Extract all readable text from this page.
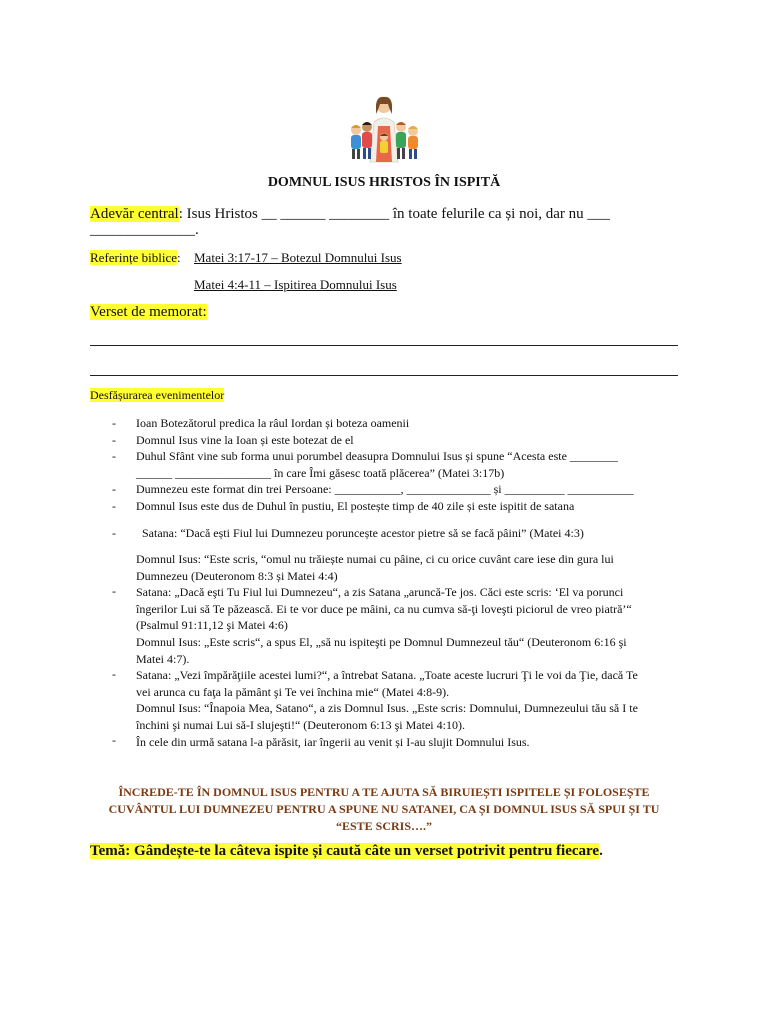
DOMNUL ISUS HRISTOS ÎN ISPITĂ
Adevăr central: Isus Hristos __ ______ ________ în toate felurile ca și noi, dar nu ___
______________.
Referințe biblice: Matei 3:17-17 – Botezul Domnului Isus
Matei 4:4-11 – Ispitirea Domnului Isus
Verset de memorat:
Desfășurarea evenimentelor
- Ioan Botezătorul predica la râul Iordan și boteza oamenii
- Domnul Isus vine la Ioan și este botezat de el
- Duhul Sfânt vine sub forma unui porumbel deasupra Domnului Isus și spune “Acesta este ________
______ ________________ în care Îmi găsesc toată plăcerea” (Matei 3:17b)
- Dumnezeu este format din trei Persoane: ___________, ______________ și __________ ___________
- Domnul Isus este dus de Duhul în pustiu, El postește timp de 40 zile și este ispitit de satana
- Satana: “Dacă ești Fiul lui Dumnezeu poruncește acestor pietre să se facă pâini” (Matei 4:3)
Domnul Isus: “Este scris, “omul nu trăiește numai cu pâine, ci cu orice cuvânt care iese din gura lui
Dumnezeu (Deuteronom 8:3 și Matei 4:4)
Satana: „Dacă eşti Tu Fiul lui Dumnezeu“, a zis Satana „aruncă-Te jos. Căci este scris: ‘El va porunci
îngerilor Lui să Te păzească. Ei te vor duce pe mâini, ca nu cumva să-ţi loveşti piciorul de vreo piatră’“
(Psalmul 91:11,12 şi Matei 4:6)
Domnul Isus: „Este scris“, a spus El, „să nu ispiteşti pe Domnul Dumnezeul tău“ (Deuteronom 6:16 şi
Matei 4:7).
Satana: „Vezi împărăţiile acestei lumi?“, a întrebat Satana. „Toate aceste lucruri Ţi le voi da Ţie, dacă Te
vei arunca cu faţa la pământ şi Te vei închina mie“ (Matei 4:8-9).
Domnul Isus: “Înapoia Mea, Satano“, a zis Domnul Isus. „Este scris: Domnului, Dumnezeului tău să I te
închini şi numai Lui să-I slujeşti!“ (Deuteronom 6:13 şi Matei 4:10).
În cele din urmă satana l-a părăsit, iar îngerii au venit și I-au slujit Domnului Isus.
-
-
-
ÎNCREDE-TE ÎN DOMNUL ISUS PENTRU A TE AJUTA SĂ BIRUIEȘTI ISPITELE ȘI FOLOSEȘTE
CUVÂNTUL LUI DUMNEZEU PENTRU A SPUNE NU SATANEI, CA ȘI DOMNUL ISUS SĂ SPUI ȘI TU
“ESTE SCRIS….”
Temă: Gândește-te la câteva ispite și caută câte un verset potrivit pentru fiecare.
